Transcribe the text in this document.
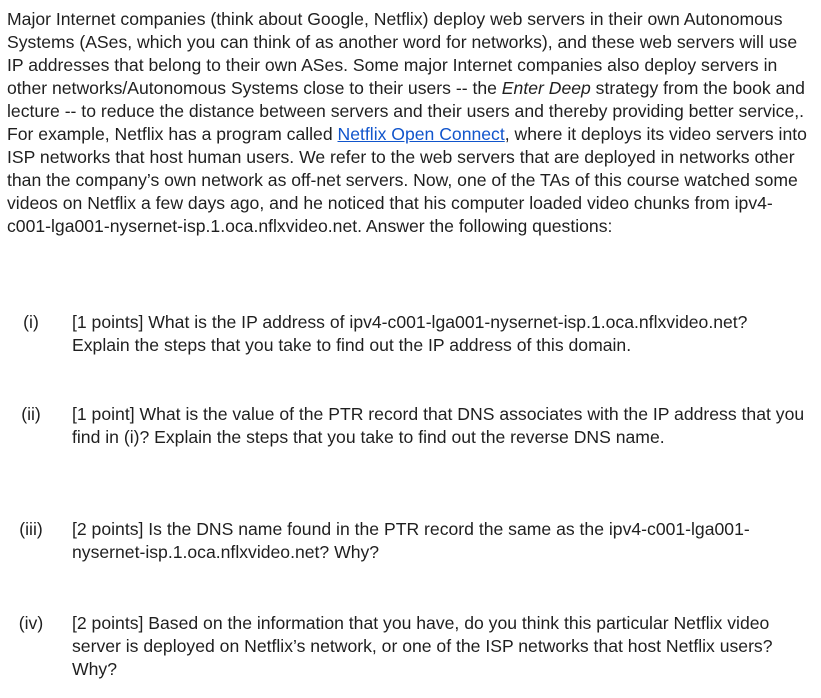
Major Internet companies (think about Google, Netflix) deploy web servers in their own Autonomous Systems (ASes, which you can think of as another word for networks), and these web servers will use IP addresses that belong to their own ASes. Some major Internet companies also deploy servers in other networks/Autonomous Systems close to their users -- the Enter Deep strategy from the book and lecture -- to reduce the distance between servers and their users and thereby providing better service,. For example, Netflix has a program called Netflix Open Connect, where it deploys its video servers into ISP networks that host human users. We refer to the web servers that are deployed in networks other than the company’s own network as off-net servers. Now, one of the TAs of this course watched some videos on Netflix a few days ago, and he noticed that his computer loaded video chunks from ipv4-c001-lga001-nysernet-isp.1.oca.nflxvideo.net. Answer the following questions:

(i)	[1 points] What is the IP address of ipv4-c001-lga001-nysernet-isp.1.oca.nflxvideo.net? Explain the steps that you take to find out the IP address of this domain.
(ii)	[1 point] What is the value of the PTR record that DNS associates with the IP address that you find in (i)? Explain the steps that you take to find out the reverse DNS name.
(iii)	[2 points] Is the DNS name found in the PTR record the same as the ipv4-c001-lga001-nysernet-isp.1.oca.nflxvideo.net? Why?
(iv)	[2 points] Based on the information that you have, do you think this particular Netflix video server is deployed on Netflix’s network, or one of the ISP networks that host Netflix users? Why?
